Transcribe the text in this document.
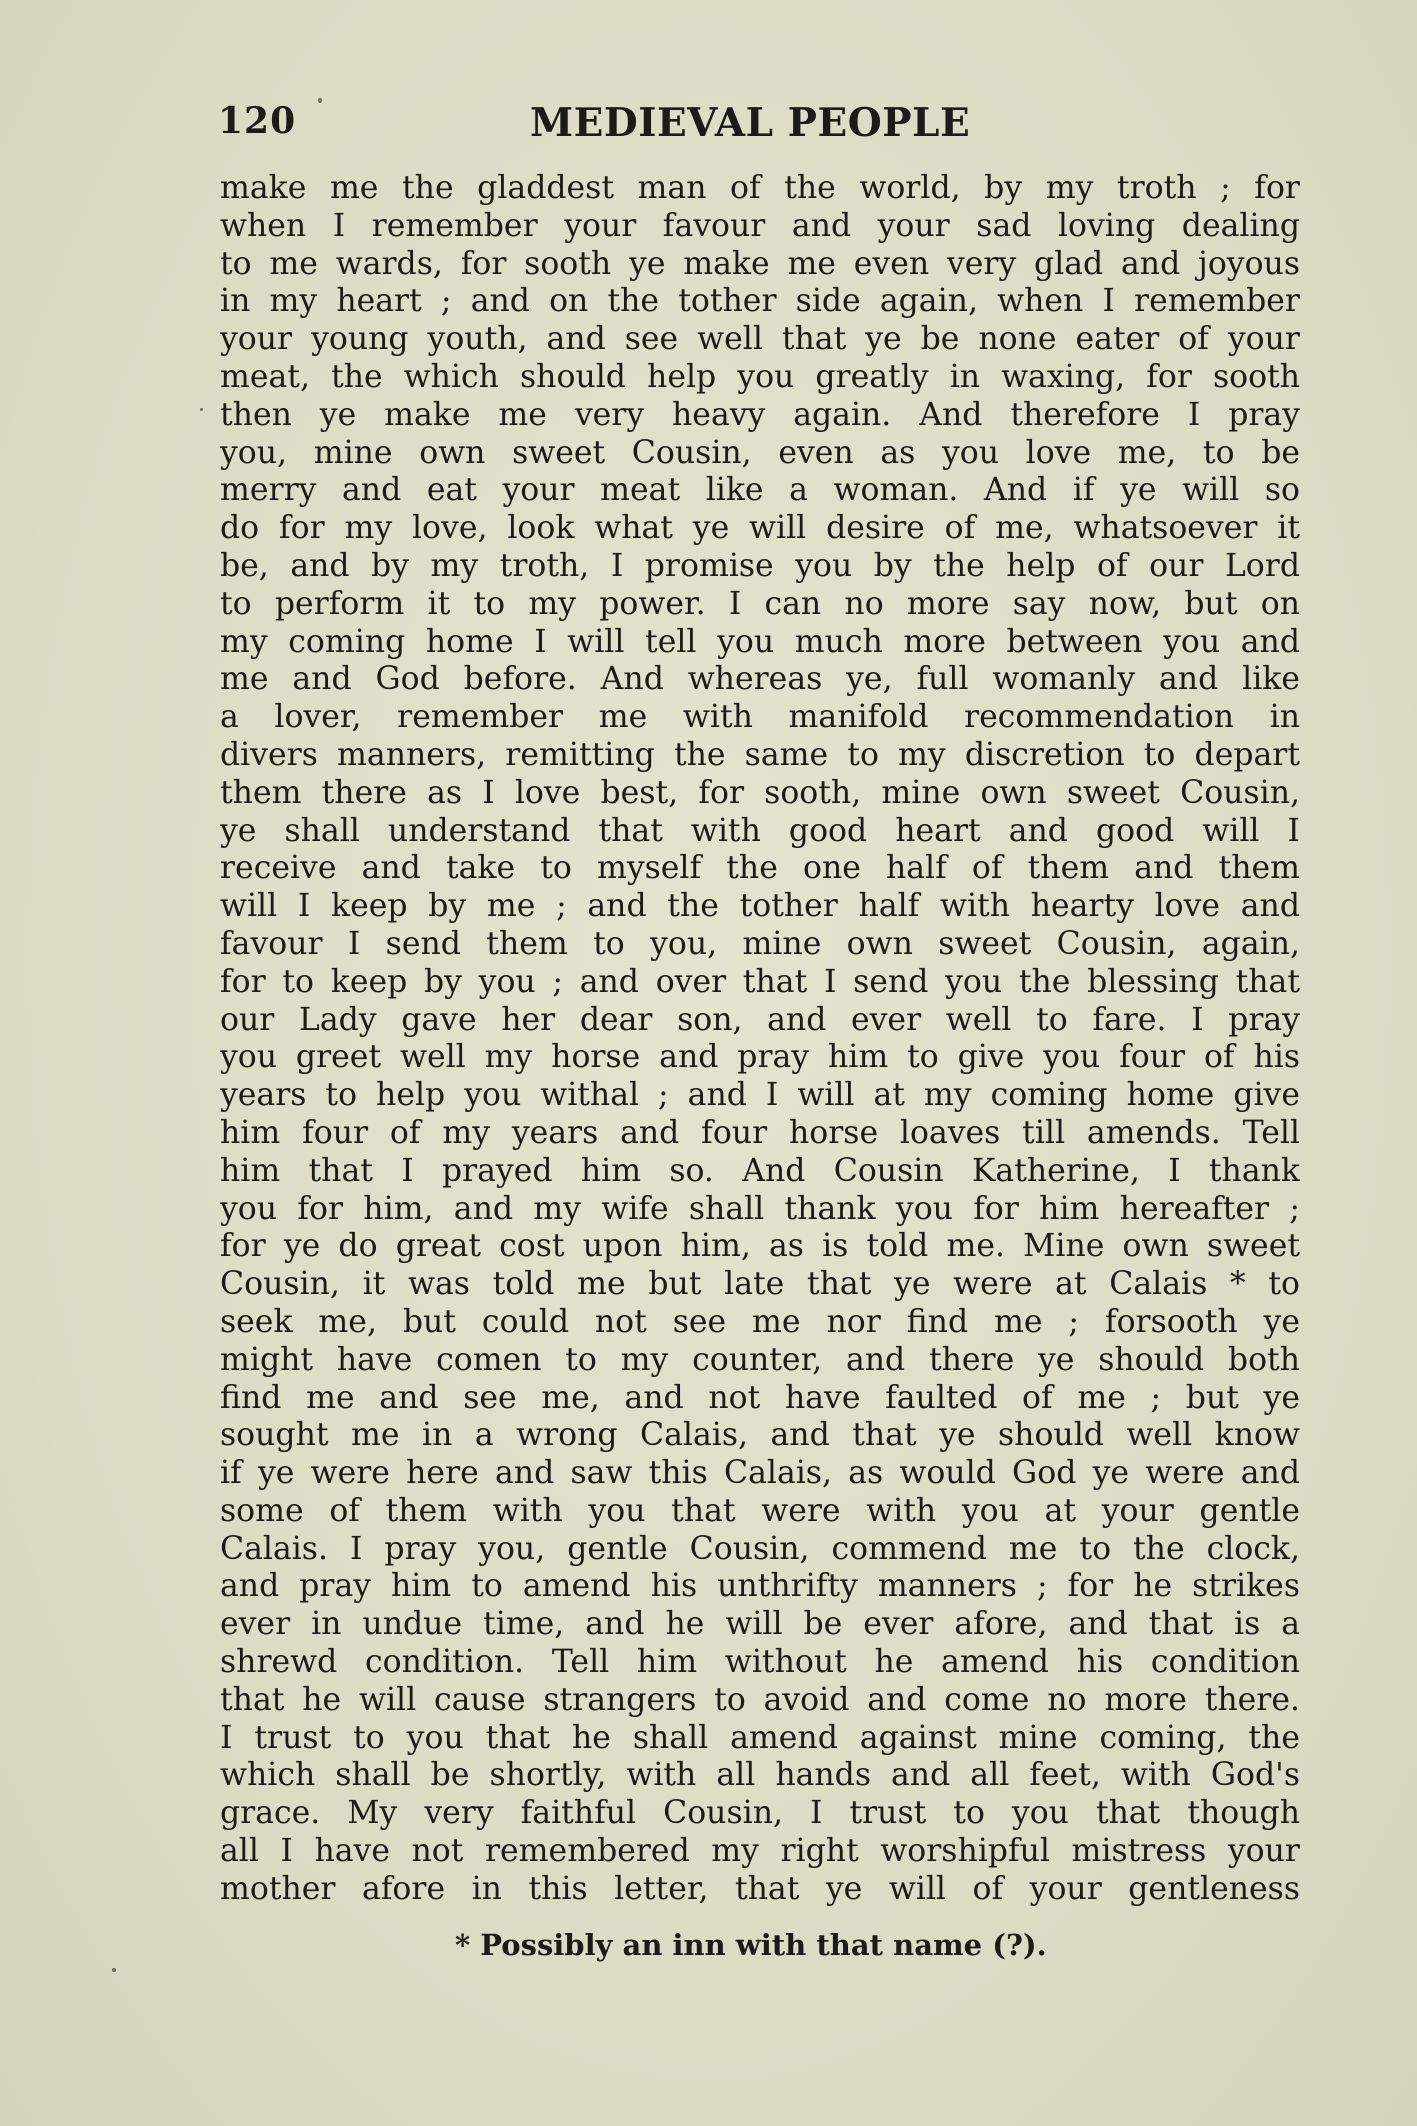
120	MEDIEVAL PEOPLE
make me the gladdest man of the world, by my troth ; for
when I remember your favour and your sad loving dealing
to me wards, for sooth ye make me even very glad and joyous
in my heart ; and on the tother side again, when I remember
your young youth, and see well that ye be none eater of your
meat, the which should help you greatly in waxing, for sooth
then ye make me very heavy again. And therefore I pray
you, mine own sweet Cousin, even as you love me, to be
merry and eat your meat like a woman. And if ye will so
do for my love, look what ye will desire of me, whatsoever it
be, and by my troth, I promise you by the help of our Lord
to perform it to my power. I can no more say now, but on
my coming home I will tell you much more between you and
me and God before. And whereas ye, full womanly and like
a lover, remember me with manifold recommendation in
divers manners, remitting the same to my discretion to depart
them there as I love best, for sooth, mine own sweet Cousin,
ye shall understand that with good heart and good will I
receive and take to myself the one half of them and them
will I keep by me ; and the tother half with hearty love and
favour I send them to you, mine own sweet Cousin, again,
for to keep by you ; and over that I send you the blessing that
our Lady gave her dear son, and ever well to fare. I pray
you greet well my horse and pray him to give you four of his
years to help you withal ; and I will at my coming home give
him four of my years and four horse loaves till amends. Tell
him that I prayed him so. And Cousin Katherine, I thank
you for him, and my wife shall thank you for him hereafter ;
for ye do great cost upon him, as is told me. Mine own sweet
Cousin, it was told me but late that ye were at Calais * to
seek me, but could not see me nor find me ; forsooth ye
might have comen to my counter, and there ye should both
find me and see me, and not have faulted of me ; but ye
sought me in a wrong Calais, and that ye should well know
if ye were here and saw this Calais, as would God ye were and
some of them with you that were with you at your gentle
Calais. I pray you, gentle Cousin, commend me to the clock,
and pray him to amend his unthrifty manners ; for he strikes
ever in undue time, and he will be ever afore, and that is a
shrewd condition. Tell him without he amend his condition
that he will cause strangers to avoid and come no more there.
I trust to you that he shall amend against mine coming, the
which shall be shortly, with all hands and all feet, with God's
grace. My very faithful Cousin, I trust to you that though
all I have not remembered my right worshipful mistress your
mother afore in this letter, that ye will of your gentleness
* Possibly an inn with that name (?).
